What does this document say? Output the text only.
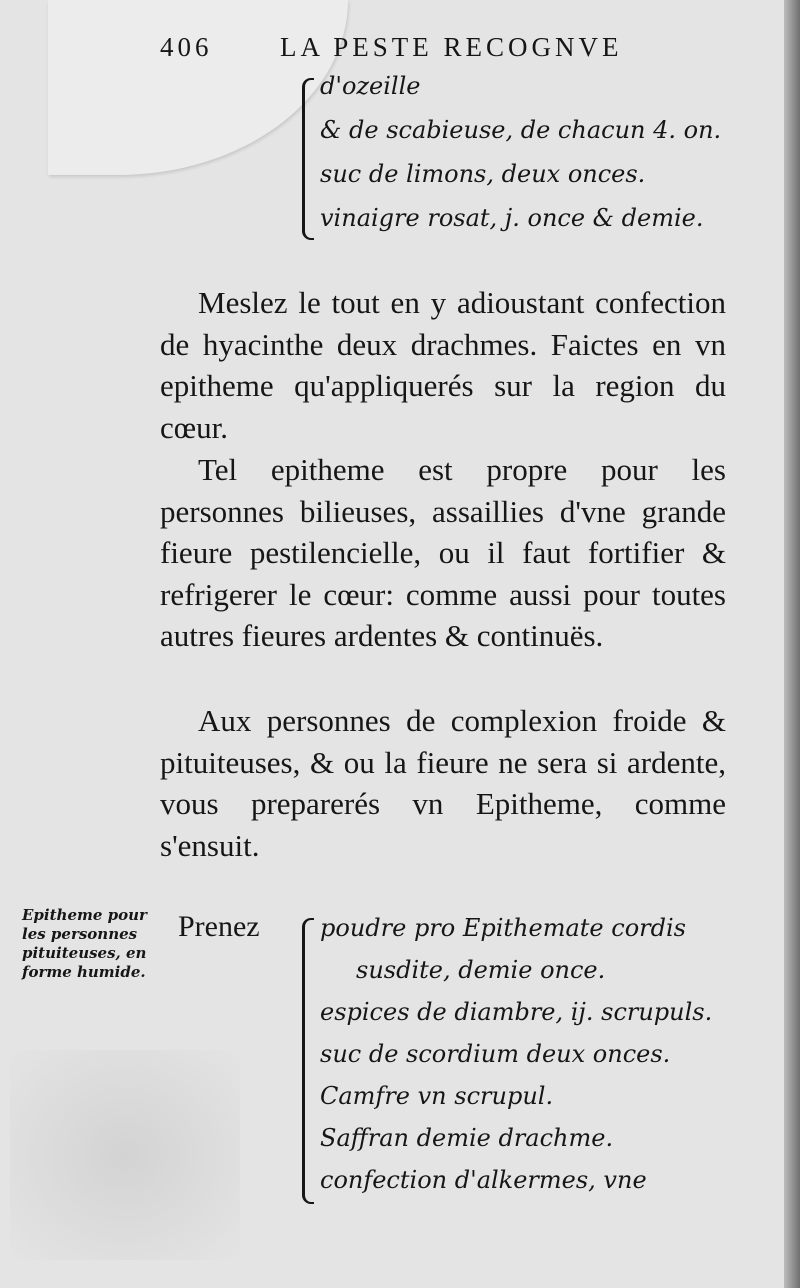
406	LA PESTE RECOGNVE
d'ozeille
& de scabieuse, de chacun 4. on.
suc de limons, deux onces.
vinaigre rosat, j. once & demie.

Meslez le tout en y adioustant confection de hyacinthe deux drachmes. Faictes en vn epitheme qu'appliquerés sur la region du cœur.

Tel epitheme est propre pour les personnes bilieuses, assaillies d'vne grande fieure pestilencielle, ou il faut fortifier & refrigerer le cœur: comme aussi pour toutes autres fieures ardentes & continuës.

Aux personnes de complexion froide & pituiteuses, & ou la fieure ne sera si ardente, vous preparerés vn Epitheme, comme s'ensuit.

Epitheme pour les personnes pituiteuses, en forme humide.
Prenez	poudre pro Epithemate cordis
susdite, demie once.
espices de diambre, ij. scrupuls.
suc de scordium deux onces.
Camfre vn scrupul.
Saffran demie drachme.
confection d'alkermes, vne
